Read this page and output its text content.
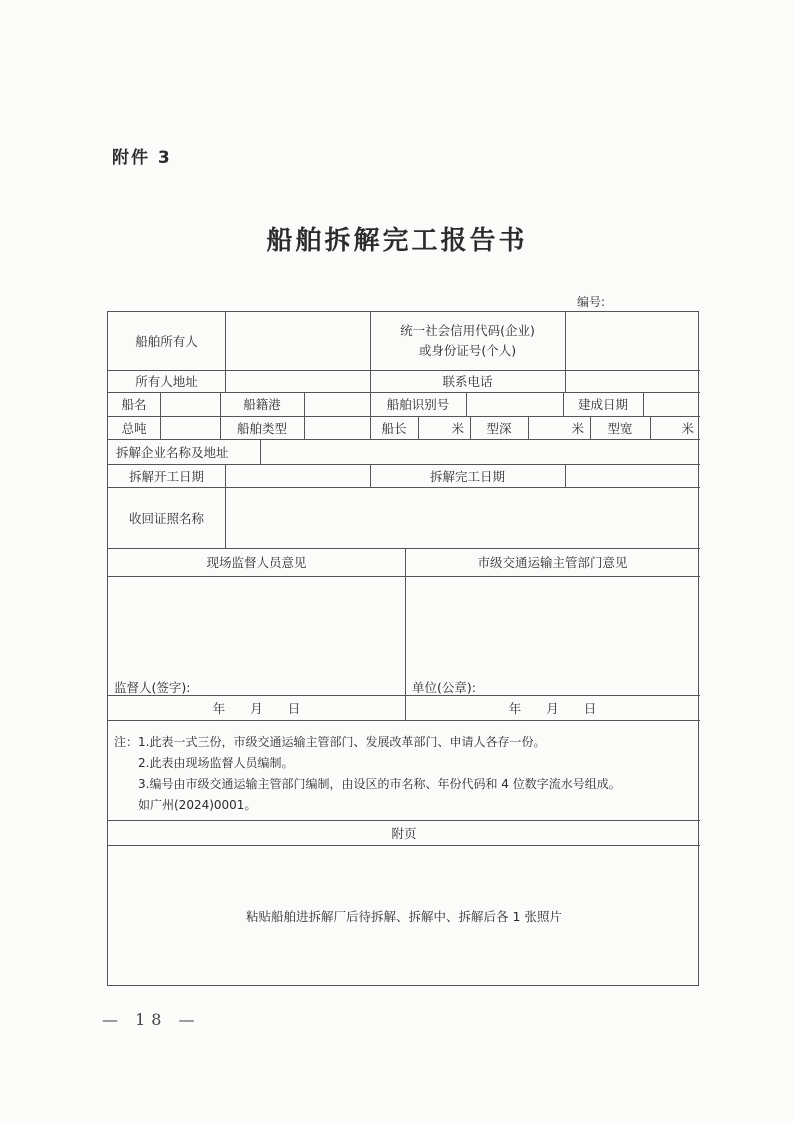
附件 3
船舶拆解完工报告书
编号:
船舶所有人
统一社会信用代码(企业)
或身份证号(个人)
所有人地址	联系电话
船名	船籍港	船舶识别号	建成日期
总吨	船舶类型	船长	米	型深	米	型宽	米
拆解企业名称及地址
拆解开工日期	拆解完工日期
收回证照名称
现场监督人员意见	市级交通运输主管部门意见
监督人(签字):	单位(公章):
年　　月　　日	年　　月　　日
注：1.此表一式三份，市级交通运输主管部门、发展改革部门、申请人各存一份。
　　2.此表由现场监督人员编制。
　　3.编号由市级交通运输主管部门编制，由设区的市名称、年份代码和 4 位数字流水号组成。
　　如广州(2024)0001。
附页
粘贴船舶进拆解厂后待拆解、拆解中、拆解后各 1 张照片
— 18 —
